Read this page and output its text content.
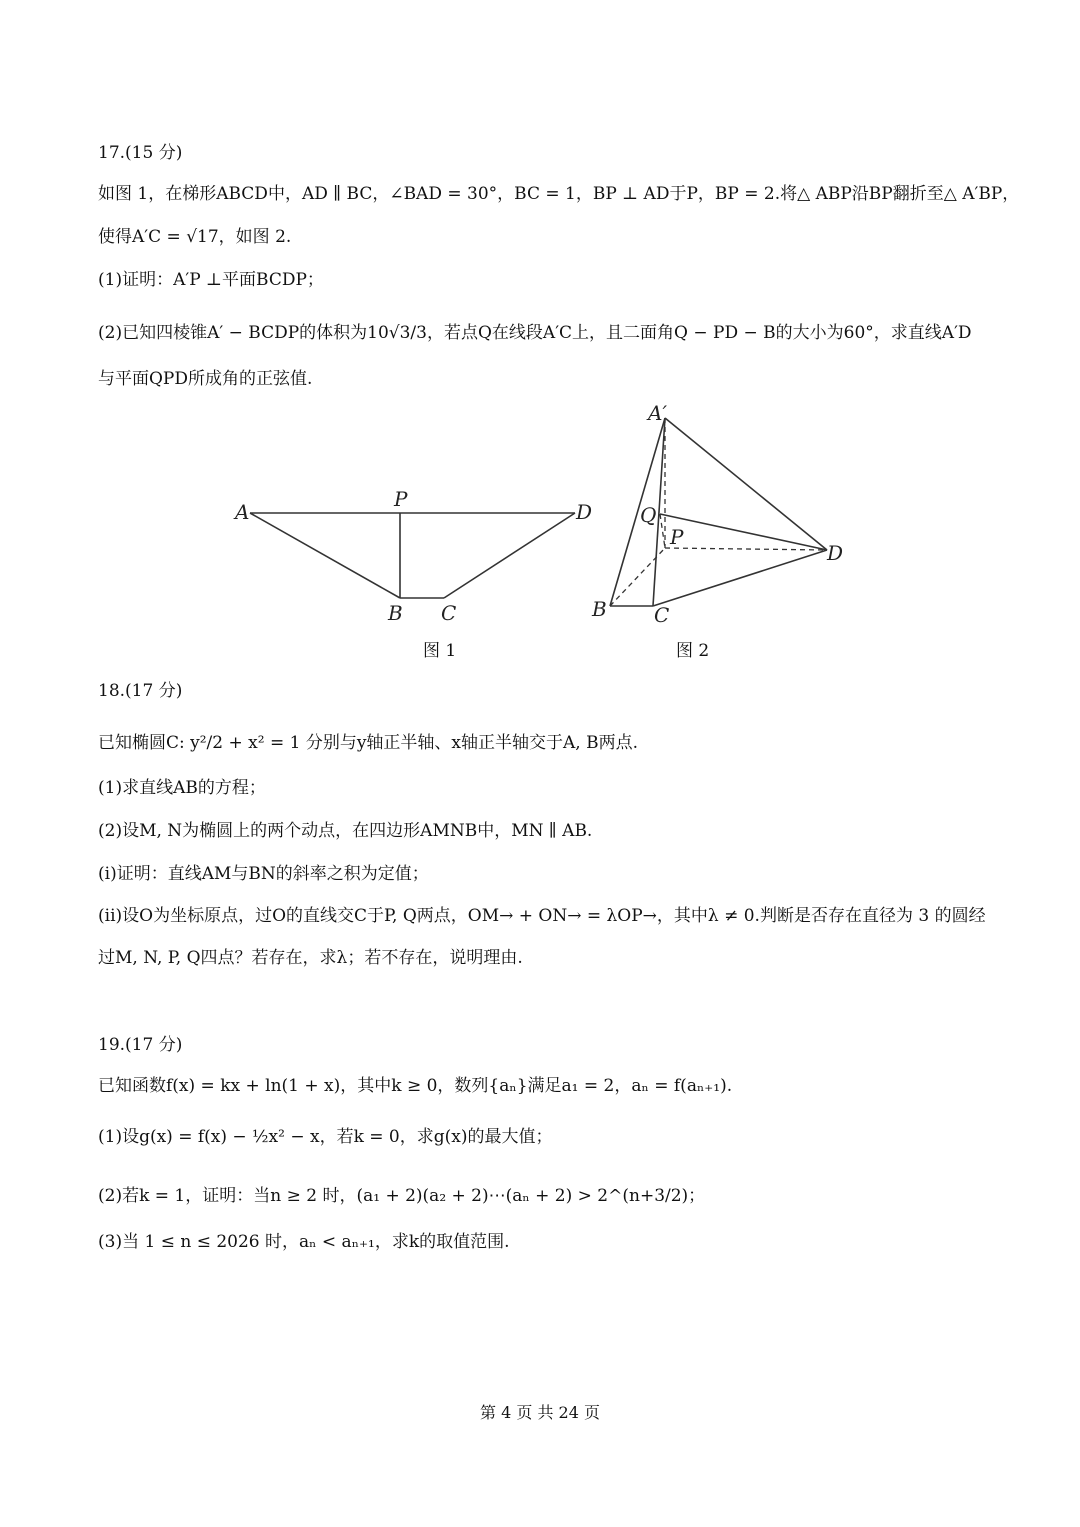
17.(15 分)
如图 1，在梯形ABCD中，AD ∥ BC，∠BAD = 30°，BC = 1，BP ⊥ AD于P，BP = 2.将△ ABP沿BP翻折至△ A′BP，
使得A′C = √17，如图 2.
(1)证明：A′P ⊥平面BCDP；
(2)已知四棱锥A′ − BCDP的体积为10√3/3，若点Q在线段A′C上，且二面角Q − PD − B的大小为60°，求直线A′D
与平面QPD所成角的正弦值.
A
P
D
B C
图 1
A′
Q
P
D
B C
图 2
18.(17 分)
已知椭圆C: y²/2 + x² = 1 分别与y轴正半轴、x轴正半轴交于A, B两点.
(1)求直线AB的方程；
(2)设M, N为椭圆上的两个动点，在四边形AMNB中，MN ∥ AB.
(i)证明：直线AM与BN的斜率之积为定值；
(ii)设O为坐标原点，过O的直线交C于P, Q两点，OM→ + ON→ = λOP→，其中λ ≠ 0.判断是否存在直径为 3 的圆经
过M, N, P, Q四点？若存在，求λ；若不存在，说明理由.
19.(17 分)
已知函数f(x) = kx + ln(1 + x)，其中k ≥ 0，数列{aₙ}满足a₁ = 2，aₙ = f(aₙ₊₁).
(1)设g(x) = f(x) − ½x² − x，若k = 0，求g(x)的最大值；
(2)若k = 1，证明：当n ≥ 2 时，(a₁ + 2)(a₂ + 2)⋯(aₙ + 2) > 2^(n+3/2)；
(3)当 1 ≤ n ≤ 2026 时，aₙ < aₙ₊₁，求k的取值范围.
第 4 页 共 24 页
